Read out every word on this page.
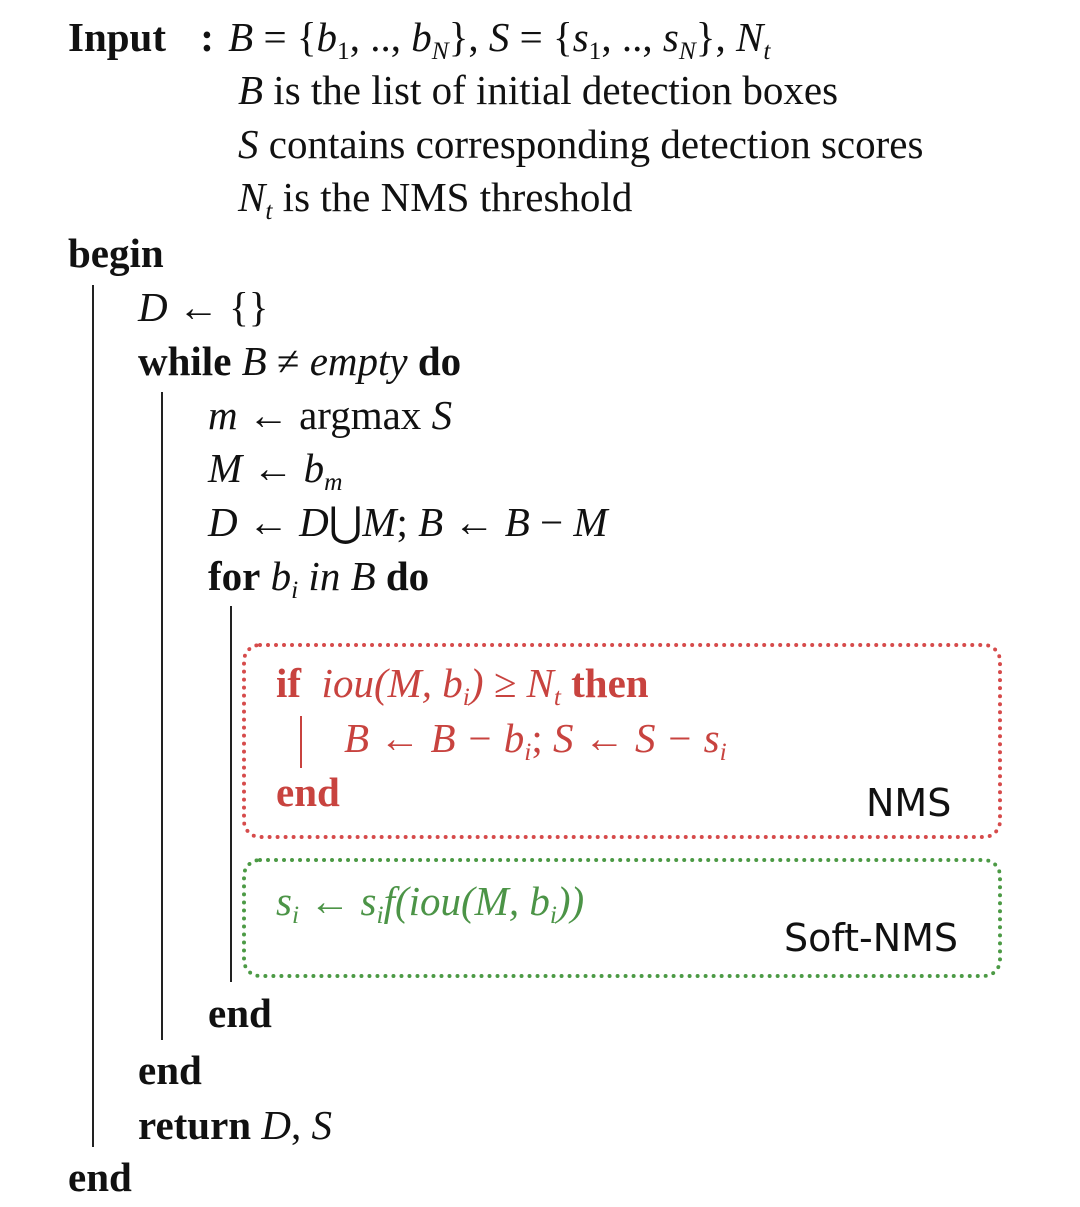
Input : B = {b1, .., bN}, S = {s1, .., sN}, Nt
B is the list of initial detection boxes
S contains corresponding detection scores
Nt is the NMS threshold
begin
D ← {}
while B ≠ empty do
m ← argmax S
M ← bm
D ← D⋃M; B ← B − M
for bi in B do
if  iou(M, bi) ≥ Nt then
B ← B − bi; S ← S − si
end	NMS
si ← sif(iou(M, bi))
Soft-NMS
end
end
return D, S
end
